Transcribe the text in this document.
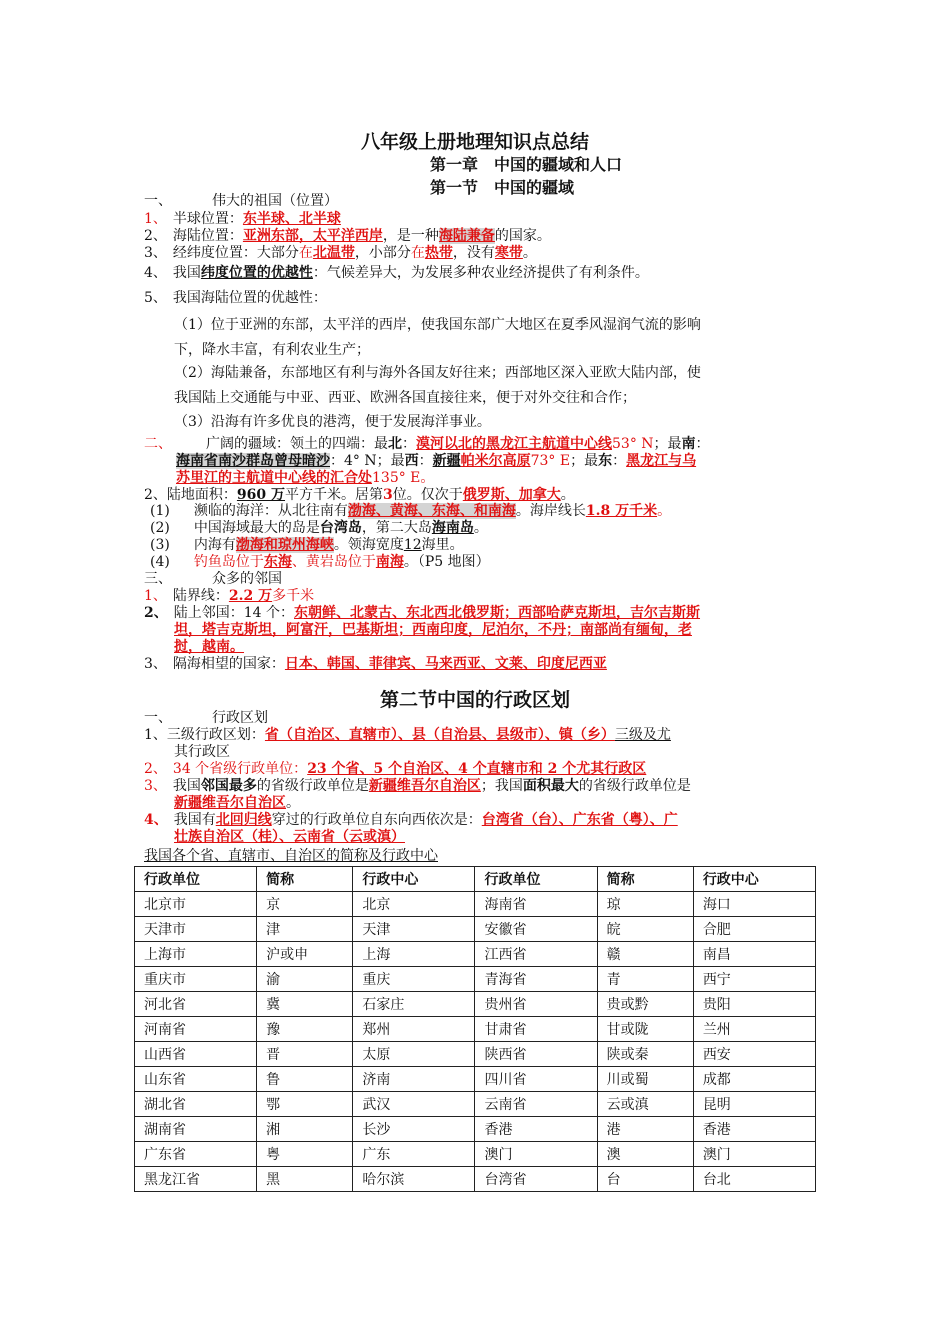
八年级上册地理知识点总结
第一章　中国的疆域和人口
第一节　中国的疆域
一、	伟大的祖国（位置）
1、 半球位置：东半球、北半球
2、 海陆位置：亚洲东部，太平洋西岸，是一种海陆兼备的国家。
3、 经纬度位置：大部分在北温带，小部分在热带，没有寒带。
4、 我国纬度位置的优越性：气候差异大，为发展多种农业经济提供了有利条件。
5、 我国海陆位置的优越性：
（1）位于亚洲的东部，太平洋的西岸，使我国东部广大地区在夏季风湿润气流的影响
下，降水丰富，有利农业生产；
（2）海陆兼备，东部地区有利与海外各国友好往来；西部地区深入亚欧大陆内部，使
我国陆上交通能与中亚、西亚、欧洲各国直接往来，便于对外交往和合作；
（3）沿海有许多优良的港湾，便于发展海洋事业。
二、 广阔的疆域：领土的四端：最北：漠河以北的黑龙江主航道中心线53° N；最南：
海南省南沙群岛曾母暗沙：4° N；最西：新疆帕米尔高原73° E；最东：黑龙江与乌
苏里江的主航道中心线的汇合处135° E。
2、陆地面积：960 万平方千米。居第3位。仅次于俄罗斯、加拿大。
(1) 濒临的海洋：从北往南有渤海、黄海、东海、和南海。海岸线长1.8 万千米。
(2) 中国海域最大的岛是台湾岛，第二大岛海南岛。
(3) 内海有渤海和琼州海峡。领海宽度12海里。
(4) 钓鱼岛位于东海、黄岩岛位于南海。（P5 地图）
三、	众多的邻国
1、 陆界线：2.2 万多千米
2、 陆上邻国：14 个：东朝鲜、北蒙古、东北西北俄罗斯；西部哈萨克斯坦，吉尔吉斯斯
坦，塔吉克斯坦，阿富汗，巴基斯坦；西南印度，尼泊尔，不丹；南部尚有缅甸，老
挝，越南。
3、 隔海相望的国家：日本、韩国、菲律宾、马来西亚、文莱、印度尼西亚
第二节中国的行政区划
一、	行政区划
1、三级行政区划：省（自治区、直辖市）、县（自治县、县级市）、镇（乡）三级及尤
其行政区
2、 34 个省级行政单位：23 个省、5 个自治区、4 个直辖市和 2 个尤其行政区
3、 我国邻国最多的省级行政单位是新疆维吾尔自治区；我国面积最大的省级行政单位是
新疆维吾尔自治区。
4、 我国有北回归线穿过的行政单位自东向西依次是：台湾省（台）、广东省（粤）、广
壮族自治区（桂）、云南省（云或滇）
我国各个省、直辖市、自治区的简称及行政中心
行政单位	简称	行政中心	行政单位	简称	行政中心
北京市	京	北京	海南省	琼	海口
天津市	津	天津	安徽省	皖	合肥
上海市	沪或申	上海	江西省	赣	南昌
重庆市	渝	重庆	青海省	青	西宁
河北省	冀	石家庄	贵州省	贵或黔	贵阳
河南省	豫	郑州	甘肃省	甘或陇	兰州
山西省	晋	太原	陕西省	陕或秦	西安
山东省	鲁	济南	四川省	川或蜀	成都
湖北省	鄂	武汉	云南省	云或滇	昆明
湖南省	湘	长沙	香港	港	香港
广东省	粤	广东	澳门	澳	澳门
黑龙江省	黑	哈尔滨	台湾省	台	台北
